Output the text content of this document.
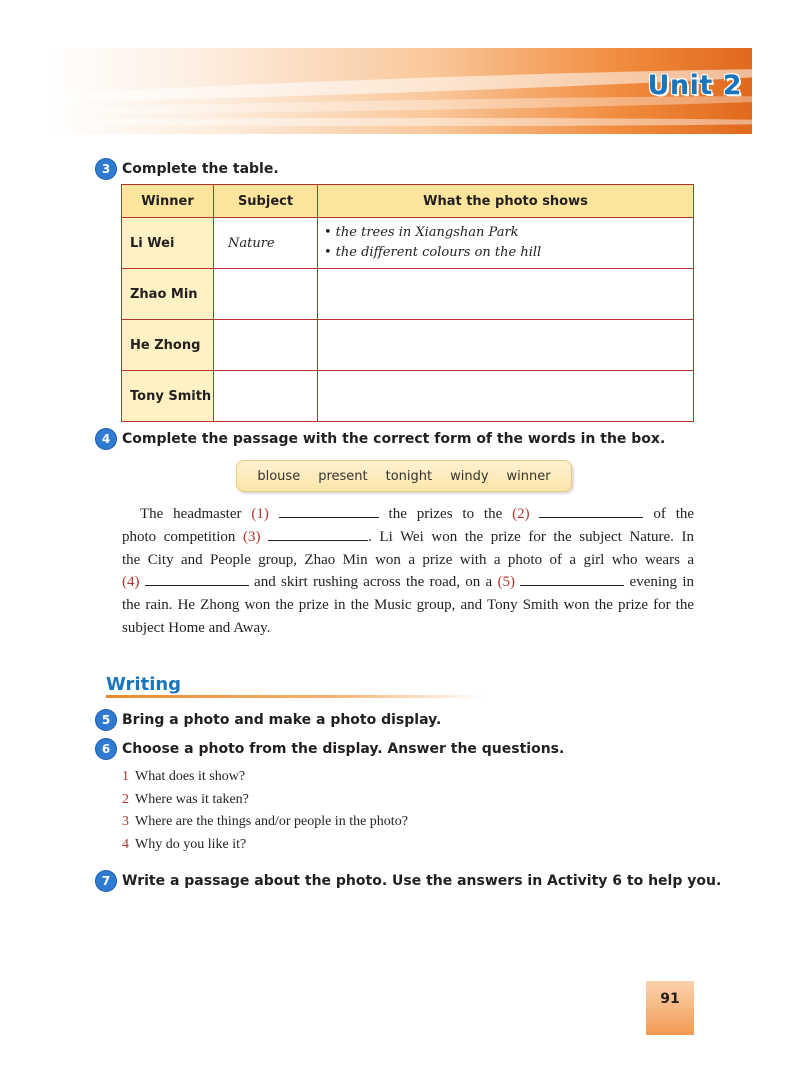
Unit 2
3 Complete the table.
Winner	Subject	What the photo shows
Li Wei	Nature	• the trees in Xiangshan Park
• the different colours on the hill

Zhao Min		
He Zhong		
Tony Smith		
4 Complete the passage with the correct form of the words in the box.
blouse present tonight windy winner
The headmaster (1)	the prizes to the (2)	of the
photo competition (3)	. Li Wei won the prize for the subject Nature. In
the City and People group, Zhao Min won a prize with a photo of a girl who wears a
(4)	and skirt rushing across the road, on a (5)	evening in
the rain. He Zhong won the prize in the Music group, and Tony Smith won the prize for the
subject Home and Away.
Writing
5 Bring a photo and make a photo display.
6 Choose a photo from the display. Answer the questions.
1 What does it show?
2 Where was it taken?
3 Where are the things and/or people in the photo?
4 Why do you like it?
7 Write a passage about the photo. Use the answers in Activity 6 to help you.
91
